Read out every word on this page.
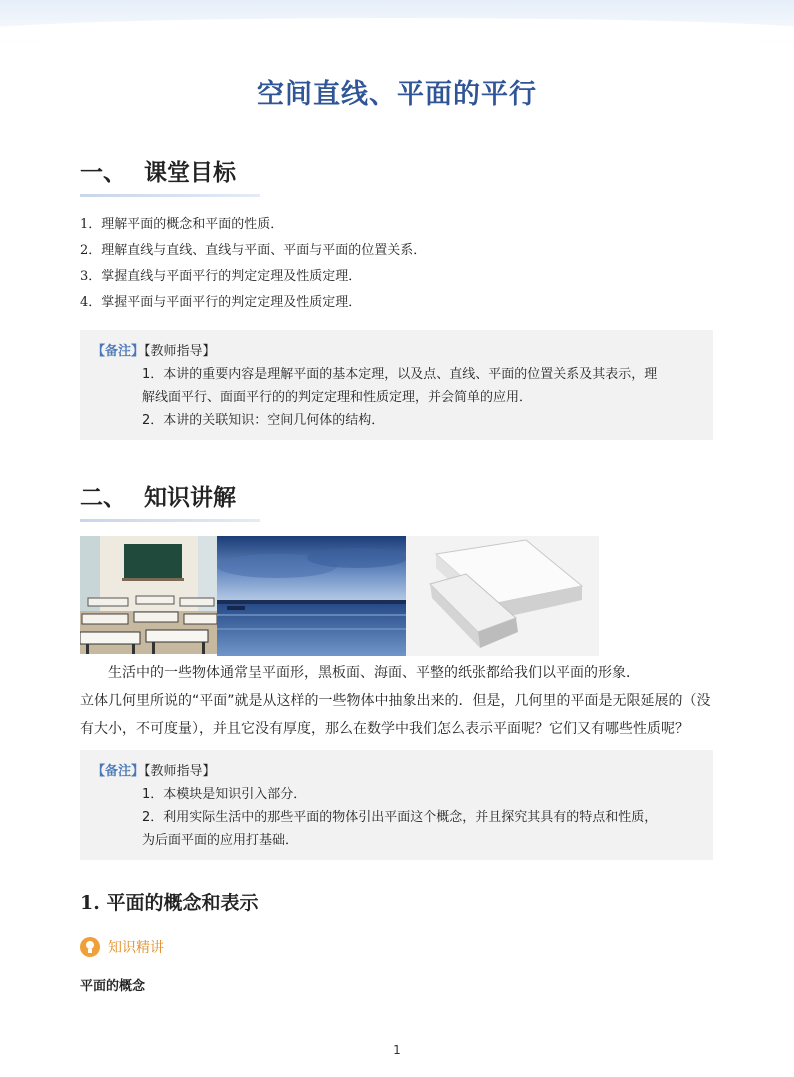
空间直线、平面的平行
一、 课堂目标
1．理解平面的概念和平面的性质．
2．理解直线与直线、直线与平面、平面与平面的位置关系．
3．掌握直线与平面平行的判定定理及性质定理．
4．掌握平面与平面平行的判定定理及性质定理．
【备注】【教师指导】
1．本讲的重要内容是理解平面的基本定理，以及点、直线、平面的位置关系及其表示，理
解线面平行、面面平行的的判定定理和性质定理，并会简单的应用．
2．本讲的关联知识：空间几何体的结构．
二、 知识讲解
生活中的一些物体通常呈平面形，黑板面、海面、平整的纸张都给我们以平面的形象．
立体几何里所说的“平面”就是从这样的一些物体中抽象出来的．但是，几何里的平面是无限延展的（没
有大小，不可度量），并且它没有厚度，那么在数学中我们怎么表示平面呢？它们又有哪些性质呢？
【备注】【教师指导】
1．本模块是知识引入部分．
2．利用实际生活中的那些平面的物体引出平面这个概念，并且探究其具有的特点和性质，
为后面平面的应用打基础．
1. 平面的概念和表示
知识精讲
平面的概念
1
